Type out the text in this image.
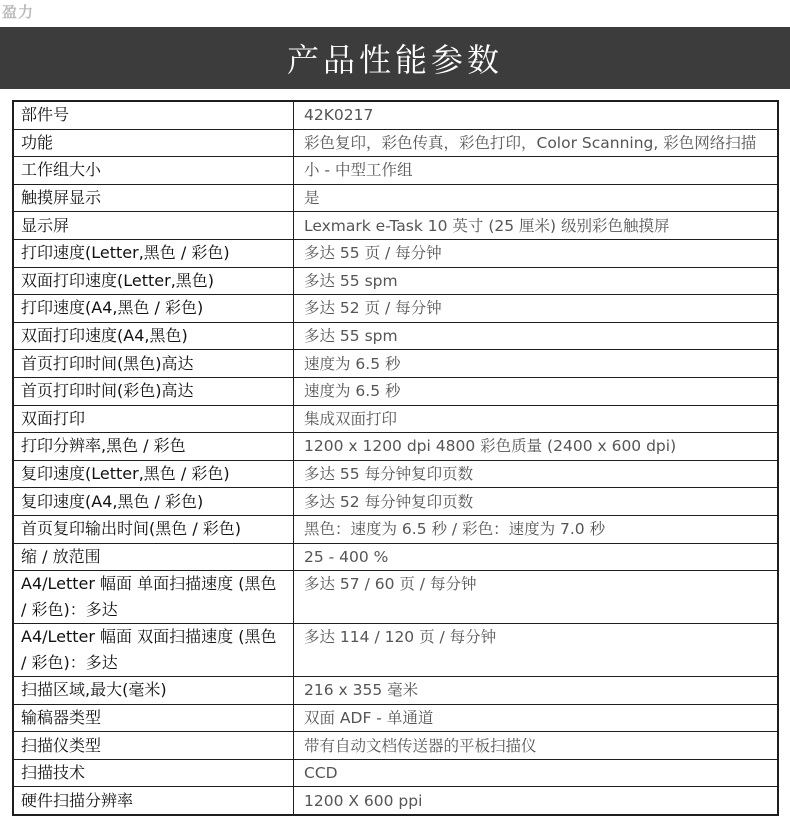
盈力
产品性能参数
部件号	42K0217
功能	彩色复印，彩色传真，彩色打印，Color Scanning, 彩色网络扫描
工作组大小	小 - 中型工作组
触摸屏显示	是
显示屏	Lexmark e-Task 10 英寸 (25 厘米) 级别彩色触摸屏
打印速度(Letter,黑色 / 彩色)	多达 55 页 / 每分钟
双面打印速度(Letter,黑色)	多达 55 spm
打印速度(A4,黑色 / 彩色)	多达 52 页 / 每分钟
双面打印速度(A4,黑色)	多达 55 spm
首页打印时间(黑色)高达	速度为 6.5 秒
首页打印时间(彩色)高达	速度为 6.5 秒
双面打印	集成双面打印
打印分辨率,黑色 / 彩色	1200 x 1200 dpi 4800 彩色质量 (2400 x 600 dpi)
复印速度(Letter,黑色 / 彩色)	多达 55 每分钟复印页数
复印速度(A4,黑色 / 彩色)	多达 52 每分钟复印页数
首页复印输出时间(黑色 / 彩色)	黑色：速度为 6.5 秒 / 彩色：速度为 7.0 秒
缩 / 放范围	25 - 400 %
A4/Letter 幅面 单面扫描速度 (黑色 / 彩色)：多达	多达 57 / 60 页 / 每分钟
A4/Letter 幅面 双面扫描速度 (黑色 / 彩色)：多达	多达 114 / 120 页 / 每分钟
扫描区域,最大(毫米)	216 x 355 毫米
输稿器类型	双面 ADF - 单通道
扫描仪类型	带有自动文档传送器的平板扫描仪
扫描技术	CCD
硬件扫描分辨率	1200 X 600 ppi
